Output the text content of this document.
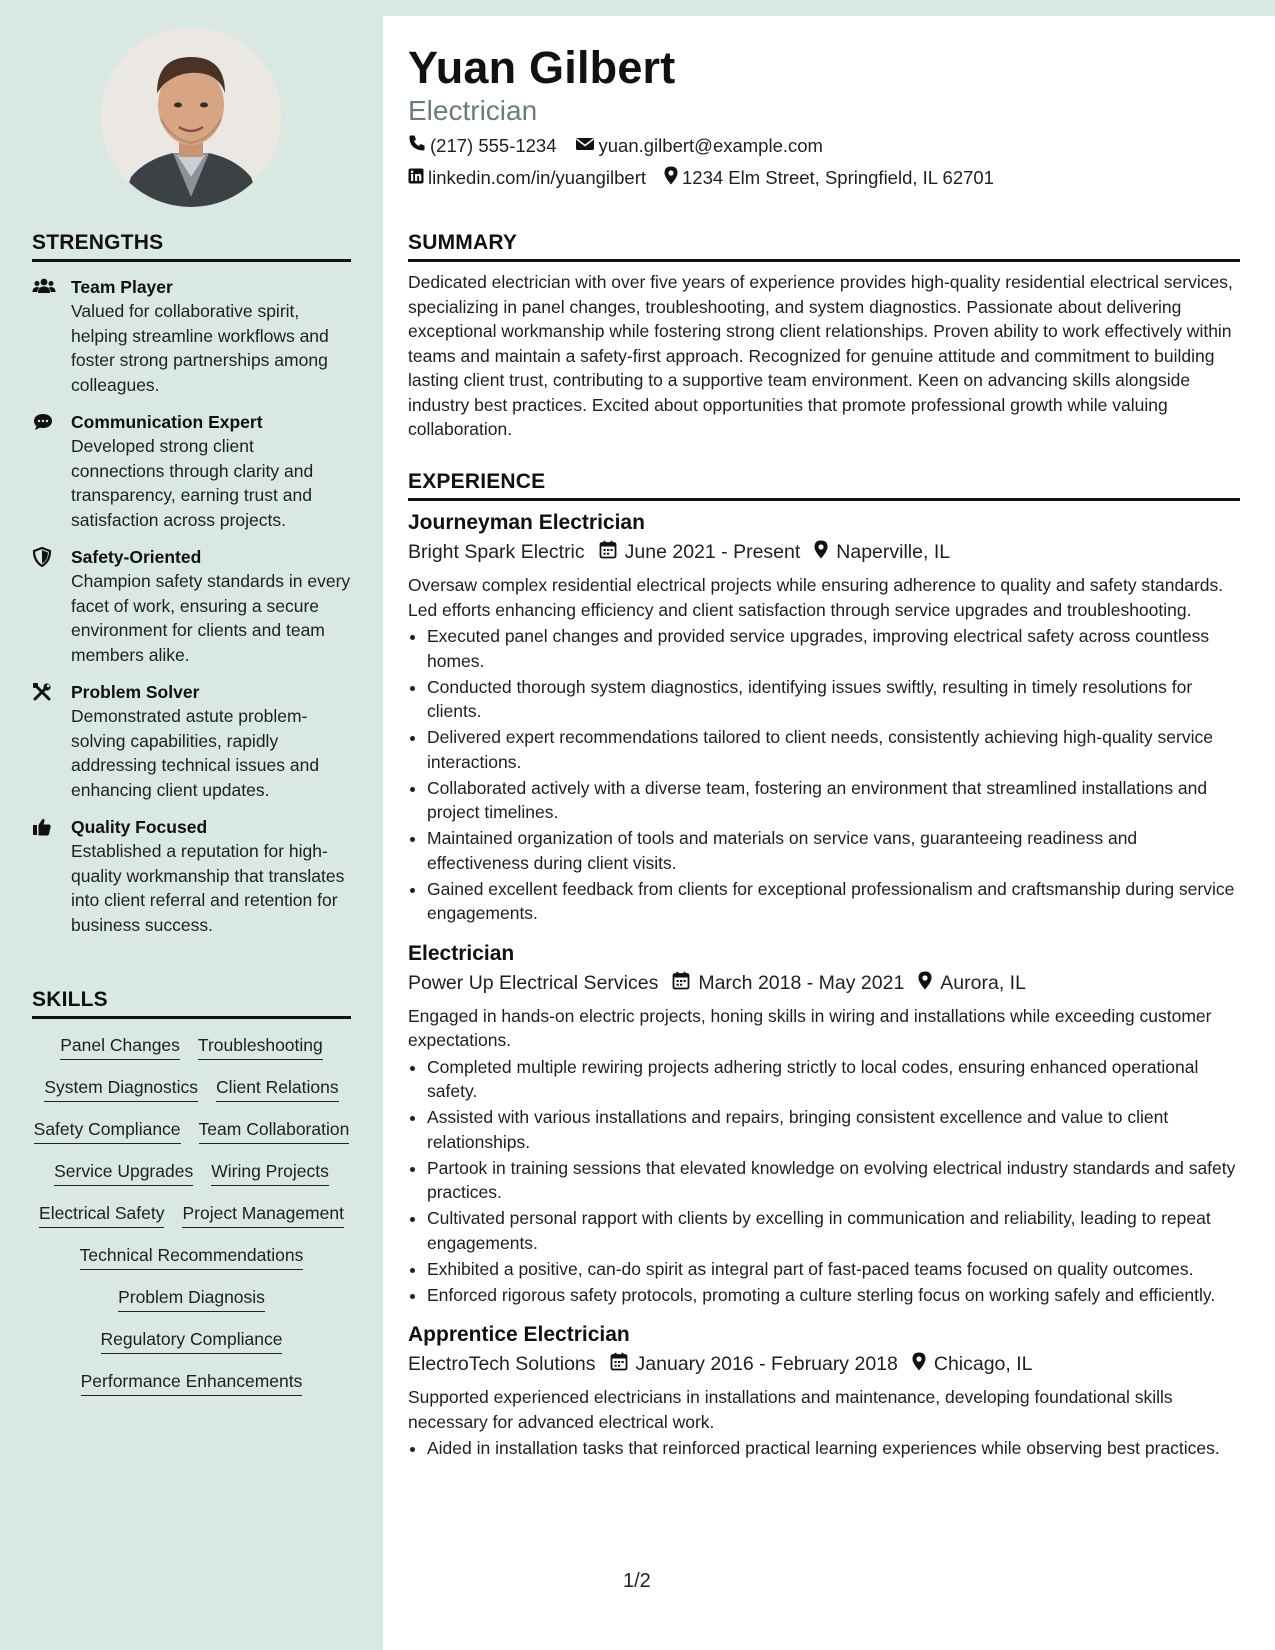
STRENGTHS
Team Player
Valued for collaborative spirit, helping streamline workflows and foster strong partnerships among colleagues.
Communication Expert
Developed strong client connections through clarity and transparency, earning trust and satisfaction across projects.
Safety-Oriented
Champion safety standards in every facet of work, ensuring a secure environment for clients and team members alike.
Problem Solver
Demonstrated astute problem-solving capabilities, rapidly addressing technical issues and enhancing client updates.
Quality Focused
Established a reputation for high-quality workmanship that translates into client referral and retention for business success.
SKILLS
Panel Changes Troubleshooting
System Diagnostics Client Relations
Safety Compliance Team Collaboration
Service Upgrades Wiring Projects
Electrical Safety Project Management
Technical Recommendations
Problem Diagnosis
Regulatory Compliance
Performance Enhancements
Yuan Gilbert
Electrician
(217) 555-1234 yuan.gilbert@example.com
linkedin.com/in/yuangilbert 1234 Elm Street, Springfield, IL 62701
SUMMARY
Dedicated electrician with over five years of experience provides high-quality residential electrical services, specializing in panel changes, troubleshooting, and system diagnostics. Passionate about delivering exceptional workmanship while fostering strong client relationships. Proven ability to work effectively within teams and maintain a safety-first approach. Recognized for genuine attitude and commitment to building lasting client trust, contributing to a supportive team environment. Keen on advancing skills alongside industry best practices. Excited about opportunities that promote professional growth while valuing collaboration.
EXPERIENCE
Journeyman Electrician
Bright Spark Electric June 2021 - Present Naperville, IL
Oversaw complex residential electrical projects while ensuring adherence to quality and safety standards. Led efforts enhancing efficiency and client satisfaction through service upgrades and troubleshooting.
• Executed panel changes and provided service upgrades, improving electrical safety across countless homes.
• Conducted thorough system diagnostics, identifying issues swiftly, resulting in timely resolutions for clients.
• Delivered expert recommendations tailored to client needs, consistently achieving high-quality service interactions.
• Collaborated actively with a diverse team, fostering an environment that streamlined installations and project timelines.
• Maintained organization of tools and materials on service vans, guaranteeing readiness and effectiveness during client visits.
• Gained excellent feedback from clients for exceptional professionalism and craftsmanship during service engagements.
Electrician
Power Up Electrical Services March 2018 - May 2021 Aurora, IL
Engaged in hands-on electric projects, honing skills in wiring and installations while exceeding customer expectations.
• Completed multiple rewiring projects adhering strictly to local codes, ensuring enhanced operational safety.
• Assisted with various installations and repairs, bringing consistent excellence and value to client relationships.
• Partook in training sessions that elevated knowledge on evolving electrical industry standards and safety practices.
• Cultivated personal rapport with clients by excelling in communication and reliability, leading to repeat engagements.
• Exhibited a positive, can-do spirit as integral part of fast-paced teams focused on quality outcomes.
• Enforced rigorous safety protocols, promoting a culture sterling focus on working safely and efficiently.
Apprentice Electrician
ElectroTech Solutions January 2016 - February 2018 Chicago, IL
Supported experienced electricians in installations and maintenance, developing foundational skills necessary for advanced electrical work.
• Aided in installation tasks that reinforced practical learning experiences while observing best practices.
1/2
